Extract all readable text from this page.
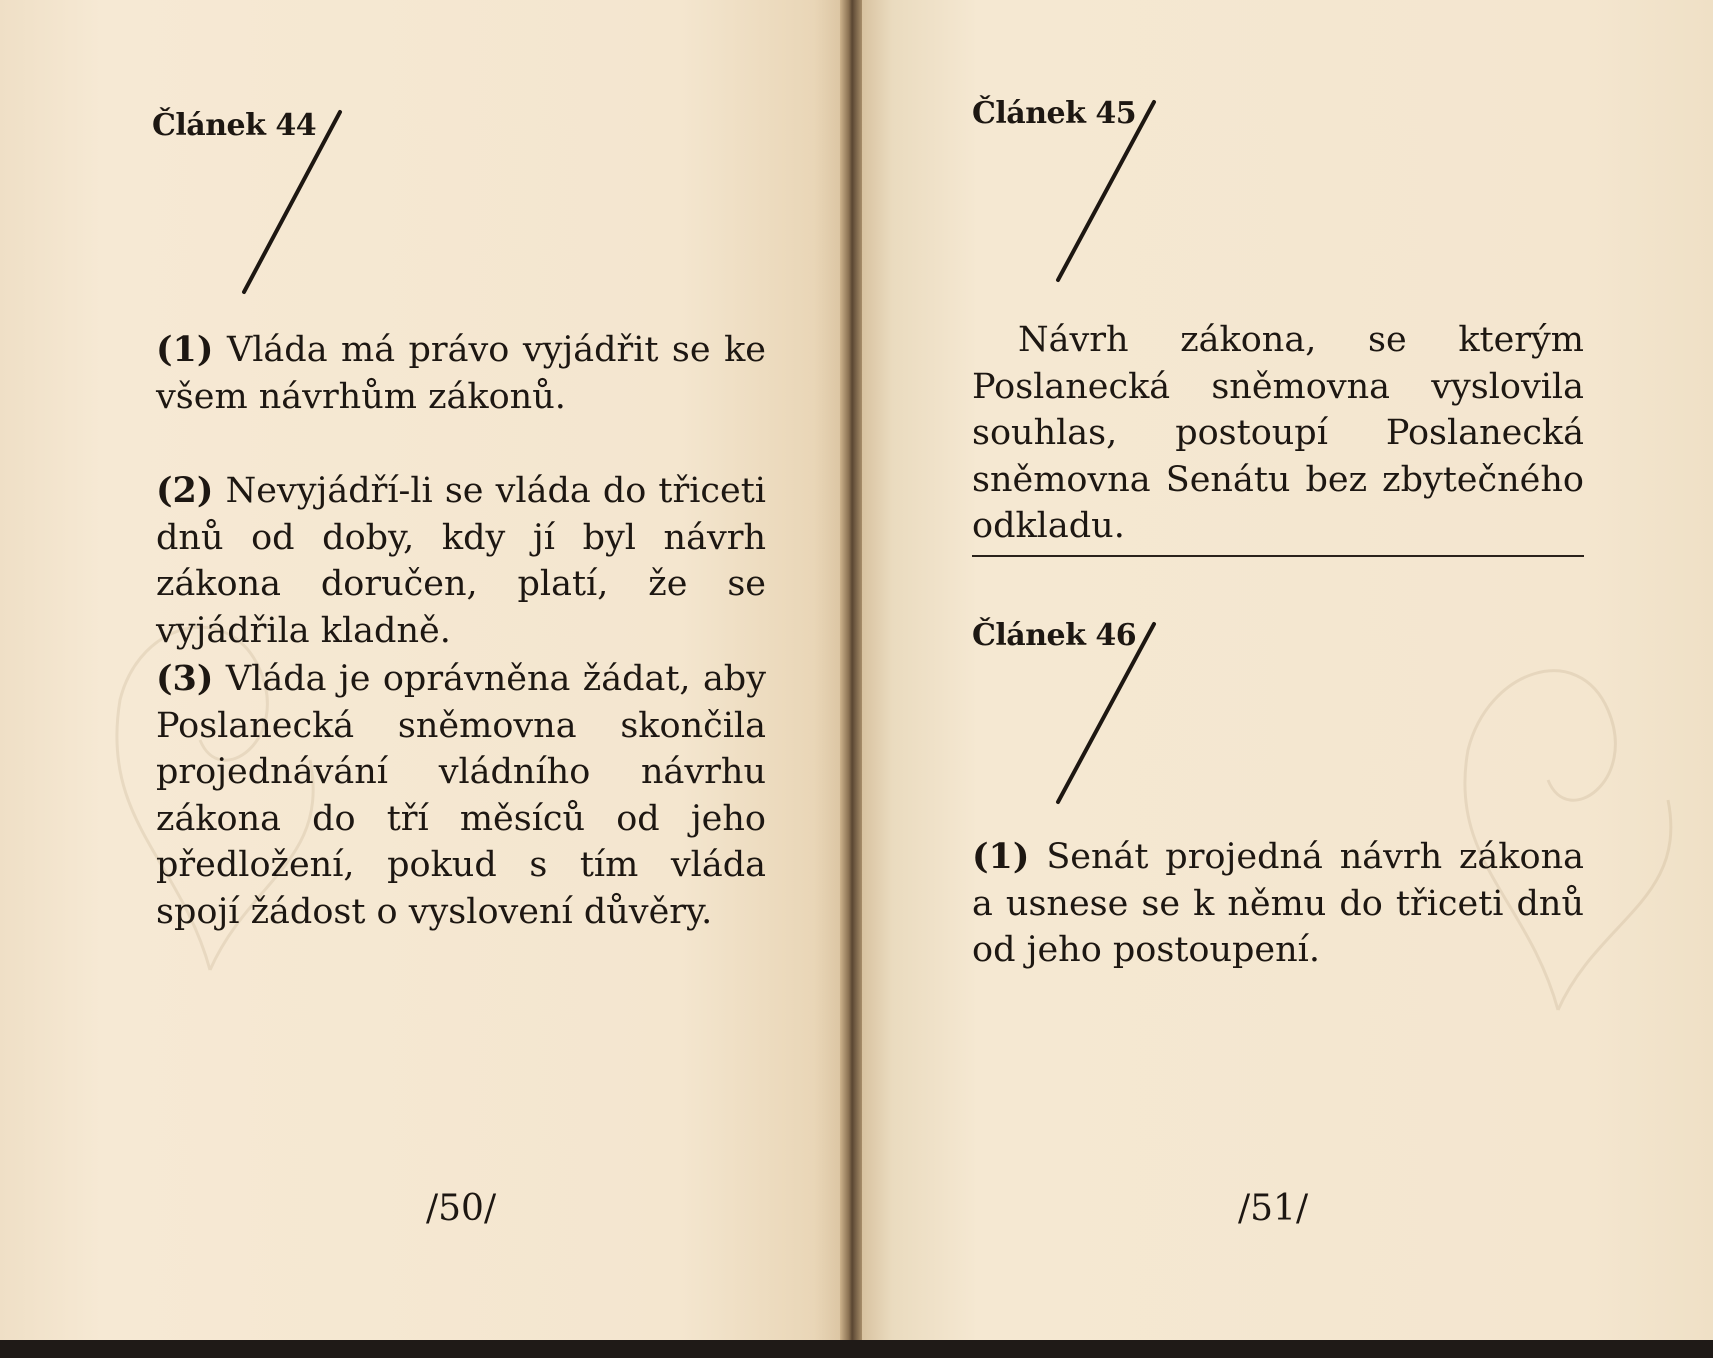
Článek 44

(1) Vláda má právo vyjádřit se ke všem návrhům zákonů.

(2) Nevyjádří-li se vláda do třiceti dnů od doby, kdy jí byl návrh zákona doručen, platí, že se vyjádřila kladně.

(3) Vláda je oprávněna žádat, aby Poslanecká sněmovna skončila projednávání vládního návrhu zákona do tří měsíců od jeho předložení, pokud s tím vláda spojí žádost o vyslovení důvěry.

/50/
Článek 45

Návrh zákona, se kterým Poslanecká sněmovna vyslovila souhlas, postoupí Poslanecká sněmovna Senátu bez zbytečného odkladu.

Článek 46

(1) Senát projedná návrh zákona a usnese se k němu do třiceti dnů od jeho postoupení.

/51/
